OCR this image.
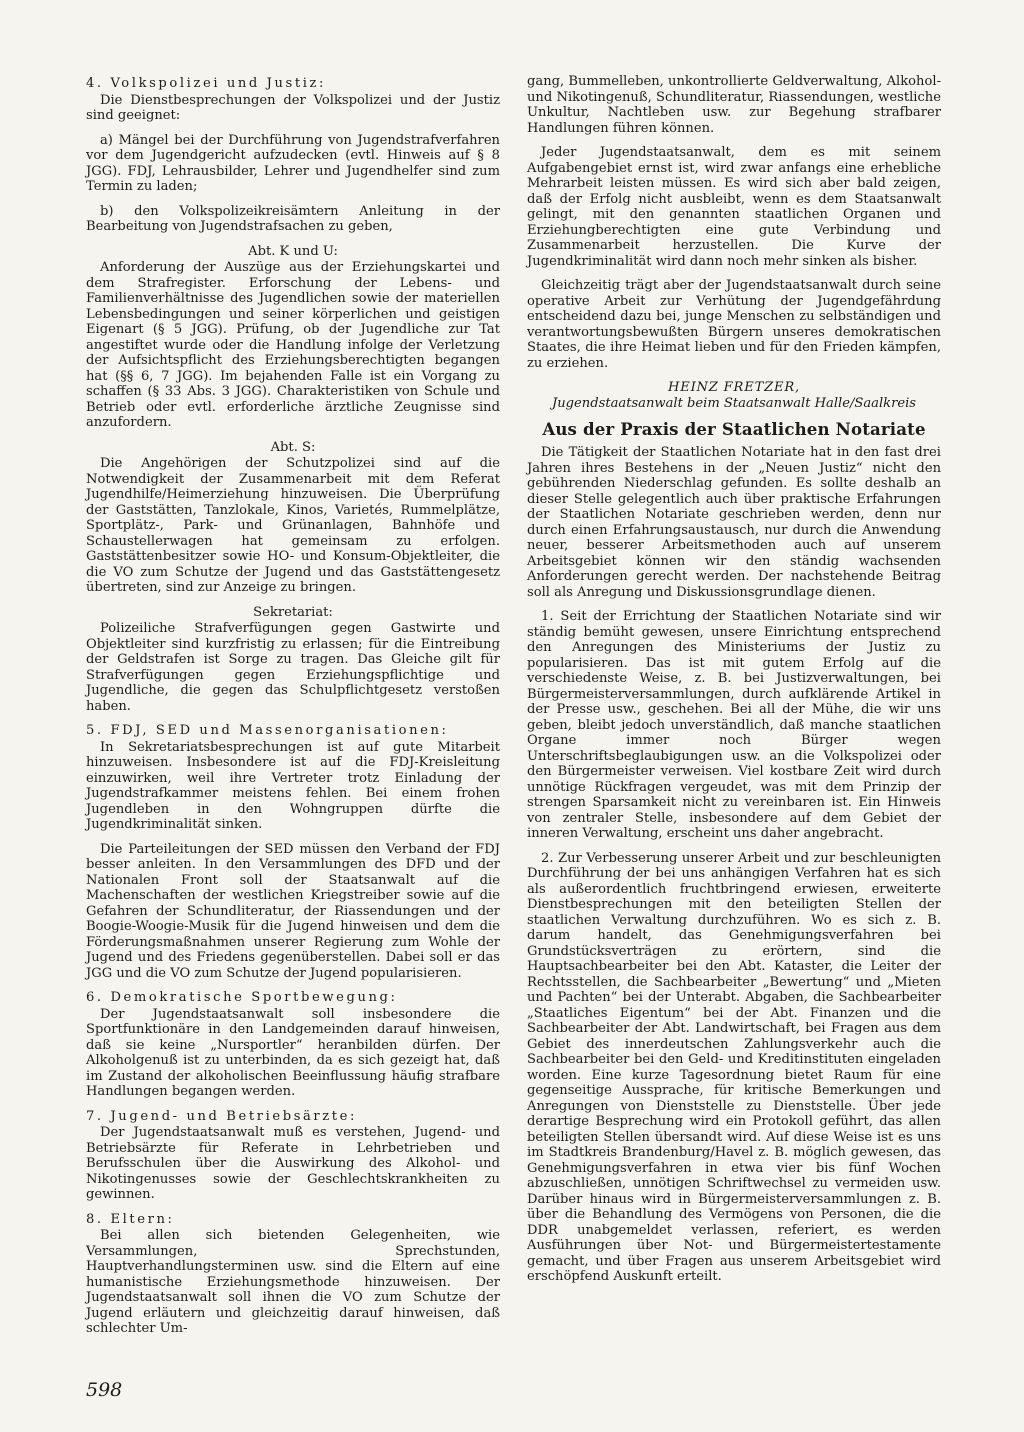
4. Volkspolizei und Justiz:

Die Dienstbesprechungen der Volkspolizei und der Justiz sind geeignet:

a) Mängel bei der Durchführung von Jugendstrafverfahren vor dem Jugendgericht aufzudecken (evtl. Hinweis auf § 8 JGG). FDJ, Lehrausbilder, Lehrer und Jugendhelfer sind zum Termin zu laden;

b) den Volkspolizeikreisämtern Anleitung in der Bearbeitung von Jugendstrafsachen zu geben,

Abt. K und U:

Anforderung der Auszüge aus der Erziehungskartei und dem Strafregister. Erforschung der Lebens- und Familienverhältnisse des Jugendlichen sowie der materiellen Lebensbedingungen und seiner körperlichen und geistigen Eigenart (§ 5 JGG). Prüfung, ob der Jugendliche zur Tat angestiftet wurde oder die Handlung infolge der Verletzung der Aufsichtspflicht des Erziehungsberechtigten begangen hat (§§ 6, 7 JGG). Im bejahenden Falle ist ein Vorgang zu schaffen (§ 33 Abs. 3 JGG). Charakteristiken von Schule und Betrieb oder evtl. erforderliche ärztliche Zeugnisse sind anzufordern.

Abt. S:

Die Angehörigen der Schutzpolizei sind auf die Notwendigkeit der Zusammenarbeit mit dem Referat Jugendhilfe/Heimerziehung hinzuweisen. Die Überprüfung der Gaststätten, Tanzlokale, Kinos, Varietés, Rummelplätze, Sportplätz-, Park- und Grünanlagen, Bahnhöfe und Schaustellerwagen hat gemeinsam zu erfolgen. Gaststättenbesitzer sowie HO- und Konsum-Objektleiter, die die VO zum Schutze der Jugend und das Gaststättengesetz übertreten, sind zur Anzeige zu bringen.

Sekretariat:

Polizeiliche Strafverfügungen gegen Gastwirte und Objektleiter sind kurzfristig zu erlassen; für die Eintreibung der Geldstrafen ist Sorge zu tragen. Das Gleiche gilt für Strafverfügungen gegen Erziehungspflichtige und Jugendliche, die gegen das Schulpflichtgesetz verstoßen haben.

5. FDJ, SED und Massenorganisationen:

In Sekretariatsbesprechungen ist auf gute Mitarbeit hinzuweisen. Insbesondere ist auf die FDJ-Kreisleitung einzuwirken, weil ihre Vertreter trotz Einladung der Jugendstrafkammer meistens fehlen. Bei einem frohen Jugendleben in den Wohngruppen dürfte die Jugendkriminalität sinken.

Die Parteileitungen der SED müssen den Verband der FDJ besser anleiten. In den Versammlungen des DFD und der Nationalen Front soll der Staatsanwalt auf die Machenschaften der westlichen Kriegstreiber sowie auf die Gefahren der Schundliteratur, der Riassendungen und der Boogie-Woogie-Musik für die Jugend hinweisen und dem die Förderungsmaßnahmen unserer Regierung zum Wohle der Jugend und des Friedens gegenüberstellen. Dabei soll er das JGG und die VO zum Schutze der Jugend popularisieren.

6. Demokratische Sportbewegung:

Der Jugendstaatsanwalt soll insbesondere die Sportfunktionäre in den Landgemeinden darauf hinweisen, daß sie keine „Nursportler“ heranbilden dürfen. Der Alkoholgenuß ist zu unterbinden, da es sich gezeigt hat, daß im Zustand der alkoholischen Beeinflussung häufig strafbare Handlungen begangen werden.

7. Jugend- und Betriebsärzte:

Der Jugendstaatsanwalt muß es verstehen, Jugend- und Betriebsärzte für Referate in Lehrbetrieben und Berufsschulen über die Auswirkung des Alkohol- und Nikotingenusses sowie der Geschlechtskrankheiten zu gewinnen.

8. Eltern:

Bei allen sich bietenden Gelegenheiten, wie Versammlungen, Sprechstunden, Hauptverhandlungsterminen usw. sind die Eltern auf eine humanistische Erziehungsmethode hinzuweisen. Der Jugendstaatsanwalt soll ihnen die VO zum Schutze der Jugend erläutern und gleichzeitig darauf hinweisen, daß schlechter Um-

gang, Bummelleben, unkontrollierte Geldverwaltung, Alkohol- und Nikotingenuß, Schundliteratur, Riassendungen, westliche Unkultur, Nachtleben usw. zur Begehung strafbarer Handlungen führen können.

Jeder Jugendstaatsanwalt, dem es mit seinem Aufgabengebiet ernst ist, wird zwar anfangs eine erhebliche Mehrarbeit leisten müssen. Es wird sich aber bald zeigen, daß der Erfolg nicht ausbleibt, wenn es dem Staatsanwalt gelingt, mit den genannten staatlichen Organen und Erziehungberechtigten eine gute Verbindung und Zusammenarbeit herzustellen. Die Kurve der Jugendkriminalität wird dann noch mehr sinken als bisher.

Gleichzeitig trägt aber der Jugendstaatsanwalt durch seine operative Arbeit zur Verhütung der Jugendgefährdung entscheidend dazu bei, junge Menschen zu selbständigen und verantwortungsbewußten Bürgern unseres demokratischen Staates, die ihre Heimat lieben und für den Frieden kämpfen, zu erziehen.

HEINZ FRETZER,

Jugendstaatsanwalt beim Staatsanwalt Halle/Saalkreis

Aus der Praxis der Staatlichen Notariate

Die Tätigkeit der Staatlichen Notariate hat in den fast drei Jahren ihres Bestehens in der „Neuen Justiz“ nicht den gebührenden Niederschlag gefunden. Es sollte deshalb an dieser Stelle gelegentlich auch über praktische Erfahrungen der Staatlichen Notariate geschrieben werden, denn nur durch einen Erfahrungsaustausch, nur durch die Anwendung neuer, besserer Arbeitsmethoden auch auf unserem Arbeitsgebiet können wir den ständig wachsenden Anforderungen gerecht werden. Der nachstehende Beitrag soll als Anregung und Diskussionsgrundlage dienen.

1. Seit der Errichtung der Staatlichen Notariate sind wir ständig bemüht gewesen, unsere Einrichtung entsprechend den Anregungen des Ministeriums der Justiz zu popularisieren. Das ist mit gutem Erfolg auf die verschiedenste Weise, z. B. bei Justizverwaltungen, bei Bürgermeisterversammlungen, durch aufklärende Artikel in der Presse usw., geschehen. Bei all der Mühe, die wir uns geben, bleibt jedoch unverständlich, daß manche staatlichen Organe immer noch Bürger wegen Unterschriftsbeglaubigungen usw. an die Volkspolizei oder den Bürgermeister verweisen. Viel kostbare Zeit wird durch unnötige Rückfragen vergeudet, was mit dem Prinzip der strengen Sparsamkeit nicht zu vereinbaren ist. Ein Hinweis von zentraler Stelle, insbesondere auf dem Gebiet der inneren Verwaltung, erscheint uns daher angebracht.

2. Zur Verbesserung unserer Arbeit und zur beschleunigten Durchführung der bei uns anhängigen Verfahren hat es sich als außerordentlich fruchtbringend erwiesen, erweiterte Dienstbesprechungen mit den beteiligten Stellen der staatlichen Verwaltung durchzuführen. Wo es sich z. B. darum handelt, das Genehmigungsverfahren bei Grundstücksverträgen zu erörtern, sind die Hauptsachbearbeiter bei den Abt. Kataster, die Leiter der Rechtsstellen, die Sachbearbeiter „Bewertung“ und „Mieten und Pachten“ bei der Unterabt. Abgaben, die Sachbearbeiter „Staatliches Eigentum“ bei der Abt. Finanzen und die Sachbearbeiter der Abt. Landwirtschaft, bei Fragen aus dem Gebiet des innerdeutschen Zahlungsverkehr auch die Sachbearbeiter bei den Geld- und Kreditinstituten eingeladen worden. Eine kurze Tagesordnung bietet Raum für eine gegenseitige Aussprache, für kritische Bemerkungen und Anregungen von Dienststelle zu Dienststelle. Über jede derartige Besprechung wird ein Protokoll geführt, das allen beteiligten Stellen übersandt wird. Auf diese Weise ist es uns im Stadtkreis Brandenburg/Havel z. B. möglich gewesen, das Genehmigungsverfahren in etwa vier bis fünf Wochen abzuschließen, unnötigen Schriftwechsel zu vermeiden usw. Darüber hinaus wird in Bürgermeisterversammlungen z. B. über die Behandlung des Vermögens von Personen, die die DDR unabgemeldet verlassen, referiert, es werden Ausführungen über Not- und Bürgermeistertestamente gemacht, und über Fragen aus unserem Arbeitsgebiet wird erschöpfend Auskunft erteilt.

598
